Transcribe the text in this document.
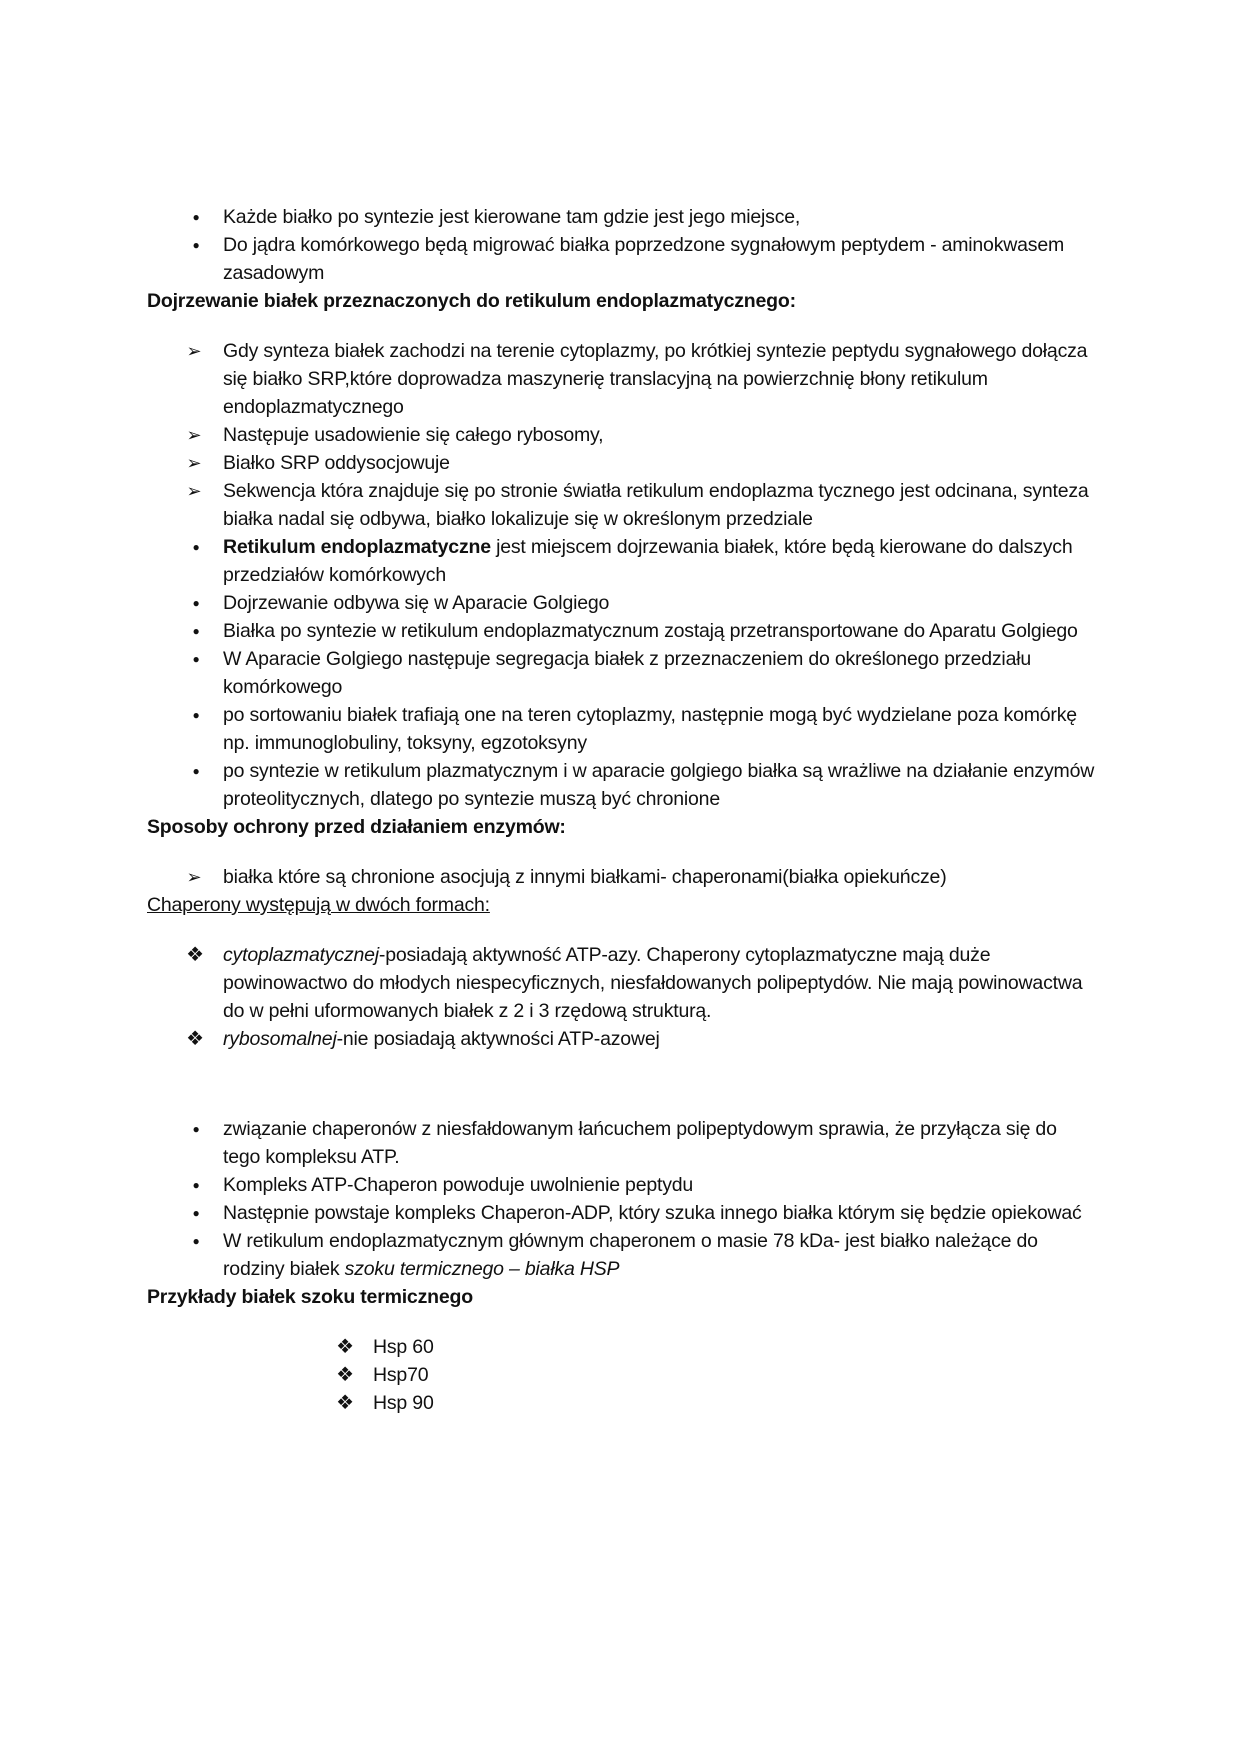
●	Każde białko po syntezie jest kierowane tam gdzie jest jego miejsce,
●	Do jądra komórkowego będą migrować białka poprzedzone sygnałowym peptydem - aminokwasem zasadowym
Dojrzewanie białek przeznaczonych do retikulum endoplazmatycznego:
➢ Gdy synteza białek zachodzi na terenie cytoplazmy, po krótkiej syntezie peptydu sygnałowego dołącza się białko SRP,które doprowadza maszynerię translacyjną na powierzchnię błony retikulum endoplazmatycznego
➢ Następuje usadowienie się całego rybosomy,
➢ Białko SRP oddysocjowuje
➢ Sekwencja która znajduje się po stronie światła retikulum endoplazma tycznego jest odcinana, synteza białka nadal się odbywa, białko lokalizuje się w określonym przedziale
●	Retikulum endoplazmatyczne jest miejscem dojrzewania białek, które będą kierowane do dalszych przedziałów komórkowych
●	Dojrzewanie odbywa się w Aparacie Golgiego
●	Białka po syntezie w retikulum endoplazmatycznum zostają przetransportowane do Aparatu Golgiego
●	W Aparacie Golgiego następuje segregacja białek z przeznaczeniem do określonego przedziału komórkowego
●	po sortowaniu białek trafiają one na teren cytoplazmy, następnie mogą być wydzielane poza komórkę np. immunoglobuliny, toksyny, egzotoksyny
●	po syntezie w retikulum plazmatycznym i w aparacie golgiego białka są wrażliwe na działanie enzymów proteolitycznych, dlatego po syntezie muszą być chronione
Sposoby ochrony przed działaniem enzymów:
➢ białka które są chronione asocjują z innymi białkami- chaperonami(białka opiekuńcze)
Chaperony występują w dwóch formach:
❖ cytoplazmatycznej-posiadają aktywność ATP-azy. Chaperony cytoplazmatyczne mają duże powinowactwo do młodych niespecyficznych, niesfałdowanych polipeptydów. Nie mają powinowactwa do w pełni uformowanych białek z 2 i 3 rzędową strukturą.
❖ rybosomalnej-nie posiadają aktywności ATP-azowej
●	związanie chaperonów z niesfałdowanym łańcuchem polipeptydowym sprawia, że przyłącza się do tego kompleksu ATP.
●	Kompleks ATP-Chaperon powoduje uwolnienie peptydu
●	Następnie powstaje kompleks Chaperon-ADP, który szuka innego białka którym się będzie opiekować
●	W retikulum endoplazmatycznym głównym chaperonem o masie 78 kDa- jest białko należące do rodziny białek szoku termicznego – białka HSP
Przykłady białek szoku termicznego
❖ Hsp 60
❖ Hsp70
❖ Hsp 90
